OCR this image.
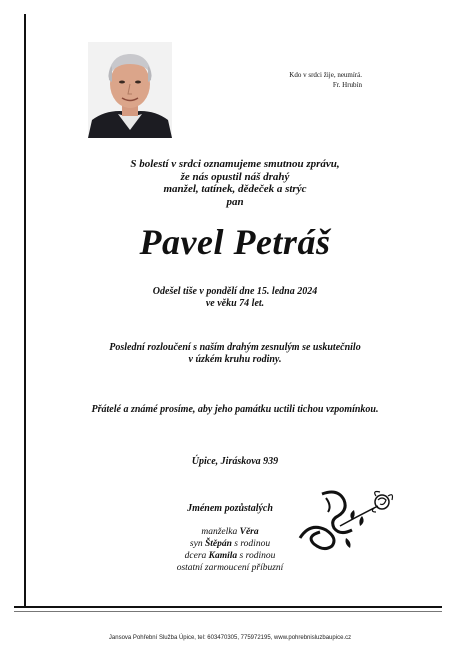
Kdo v srdci žije, neumírá.
Fr. Hrubín
S bolestí v srdci oznamujeme smutnou zprávu,
že nás opustil náš drahý
manžel, tatínek, dědeček a strýc
pan
Pavel Petráš
Odešel tiše v pondělí dne 15. ledna 2024
ve věku 74 let.
Poslední rozloučení s naším drahým zesnulým se uskutečnilo
v úzkém kruhu rodiny.
Přátelé a známé prosíme, aby jeho památku uctili tichou vzpomínkou.
Úpice, Jiráskova 939
Jménem pozůstalých
manželka Věra
syn Štěpán s rodinou
dcera Kamila s rodinou
ostatní zarmoucení příbuzní
Jansova Pohřební Služba Úpice, tel: 603470305, 775972195, www.pohrebnisluzbaupice.cz
